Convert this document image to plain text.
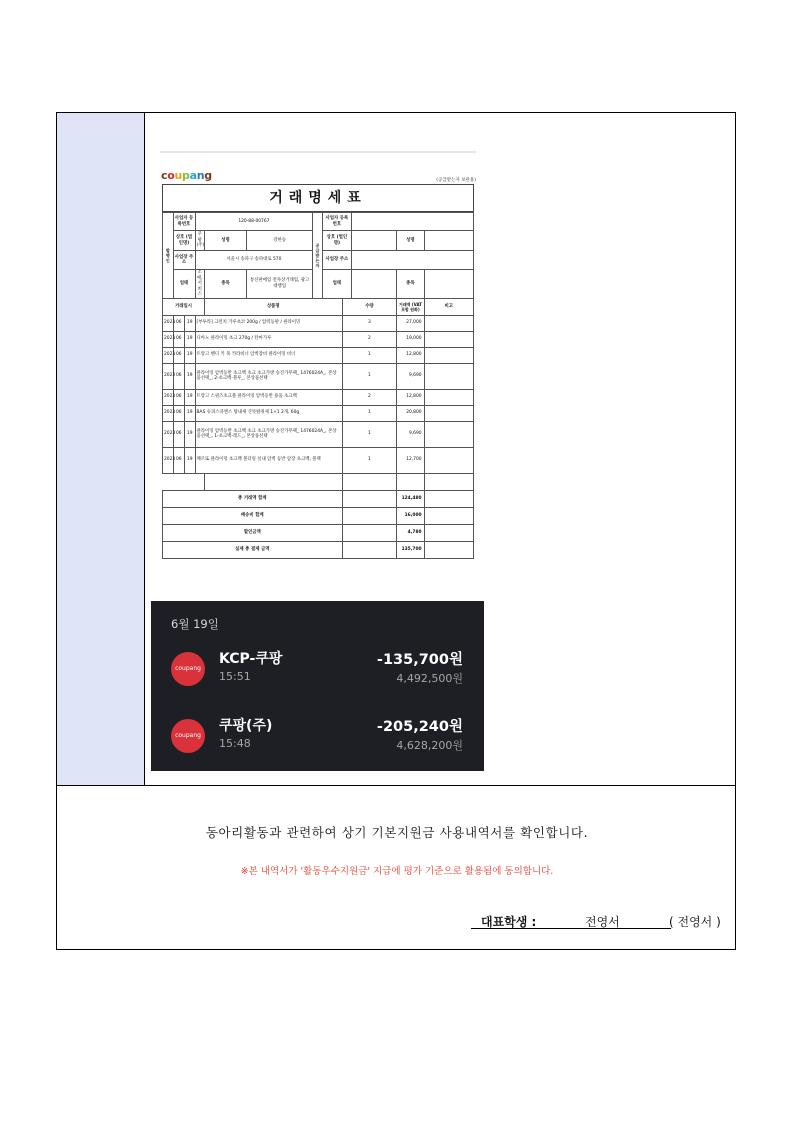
coupang	(공급받는자 보관용)
거래명세표
발행인	사업자 등록번호		120-88-00767			공급받는자	사업자 등록번호				
	상호 (법인명)		쿠팡(주)	성명	강한승		상호 (법인명)			성명	
	사업장 주소		서울시 송파구 송파대로 570				사업장 주소				
	업태		소매, 서비스	종목	통신판매업 전자상거래업, 광고대행업		업태			종목	
거래일시				상품명				수량		거래액 (VAT포함 원화)	비고
2023	06	19	[부투라] 크런치 가루초코 200g / 압력등판 / 클라이밍					3		27,000	
2023	06	19	디아노 클라이밍 초크 270g / 탄마가루					2		19,000	
2023	06	19	트랑고 핸디 키 목 카라비너 암벽장비 클라이밍 비너					1		12,800	
2023	06	19	클라이밍 암벽등반 초크백 초크 초크가방 승진가무팩_ 1476024A_, 본상품선택_, 2-초크백-블루_, 본상품선택					1		9,690	
2023	06	19	트랑고 스퀀즈초크볼 클라이밍 암벽등반 용품 초크백					2		12,800	
2023	06	19	BAS 슈퍼스큐엔스 탕내새 산뜻탈취제 1+1 2개, 60g					1		20,800	
2023	06	19	클라이밍 암벽등반 초크백 초크 초크가방 승진가무팩_ 1476024A_, 본상품선택_, 1-초크백-레드_, 본상품선택					1		9,690	
2023	06	19	페르또 클라이밍 초크백 볼더링 실내 암벽 등반 암장 초크백, 블랙					1		12,700	

총 거래액 합계										124,480	
배송비 합계										16,000	
할인금액										4,780	
실제 총 결제 금액										135,700	
6월 19일
coupang
KCP-쿠팡
15:51
-135,700원
4,492,500원
coupang
쿠팡(주)
15:48
-205,240원
4,628,200원
동아리활동과 관련하여 상기 기본지원금 사용내역서를 확인합니다.
※본 내역서가 '활동우수지원금' 지급에 평가 기준으로 활용됨에 동의합니다.
대표학생 :	전영서	( 전영서 )
